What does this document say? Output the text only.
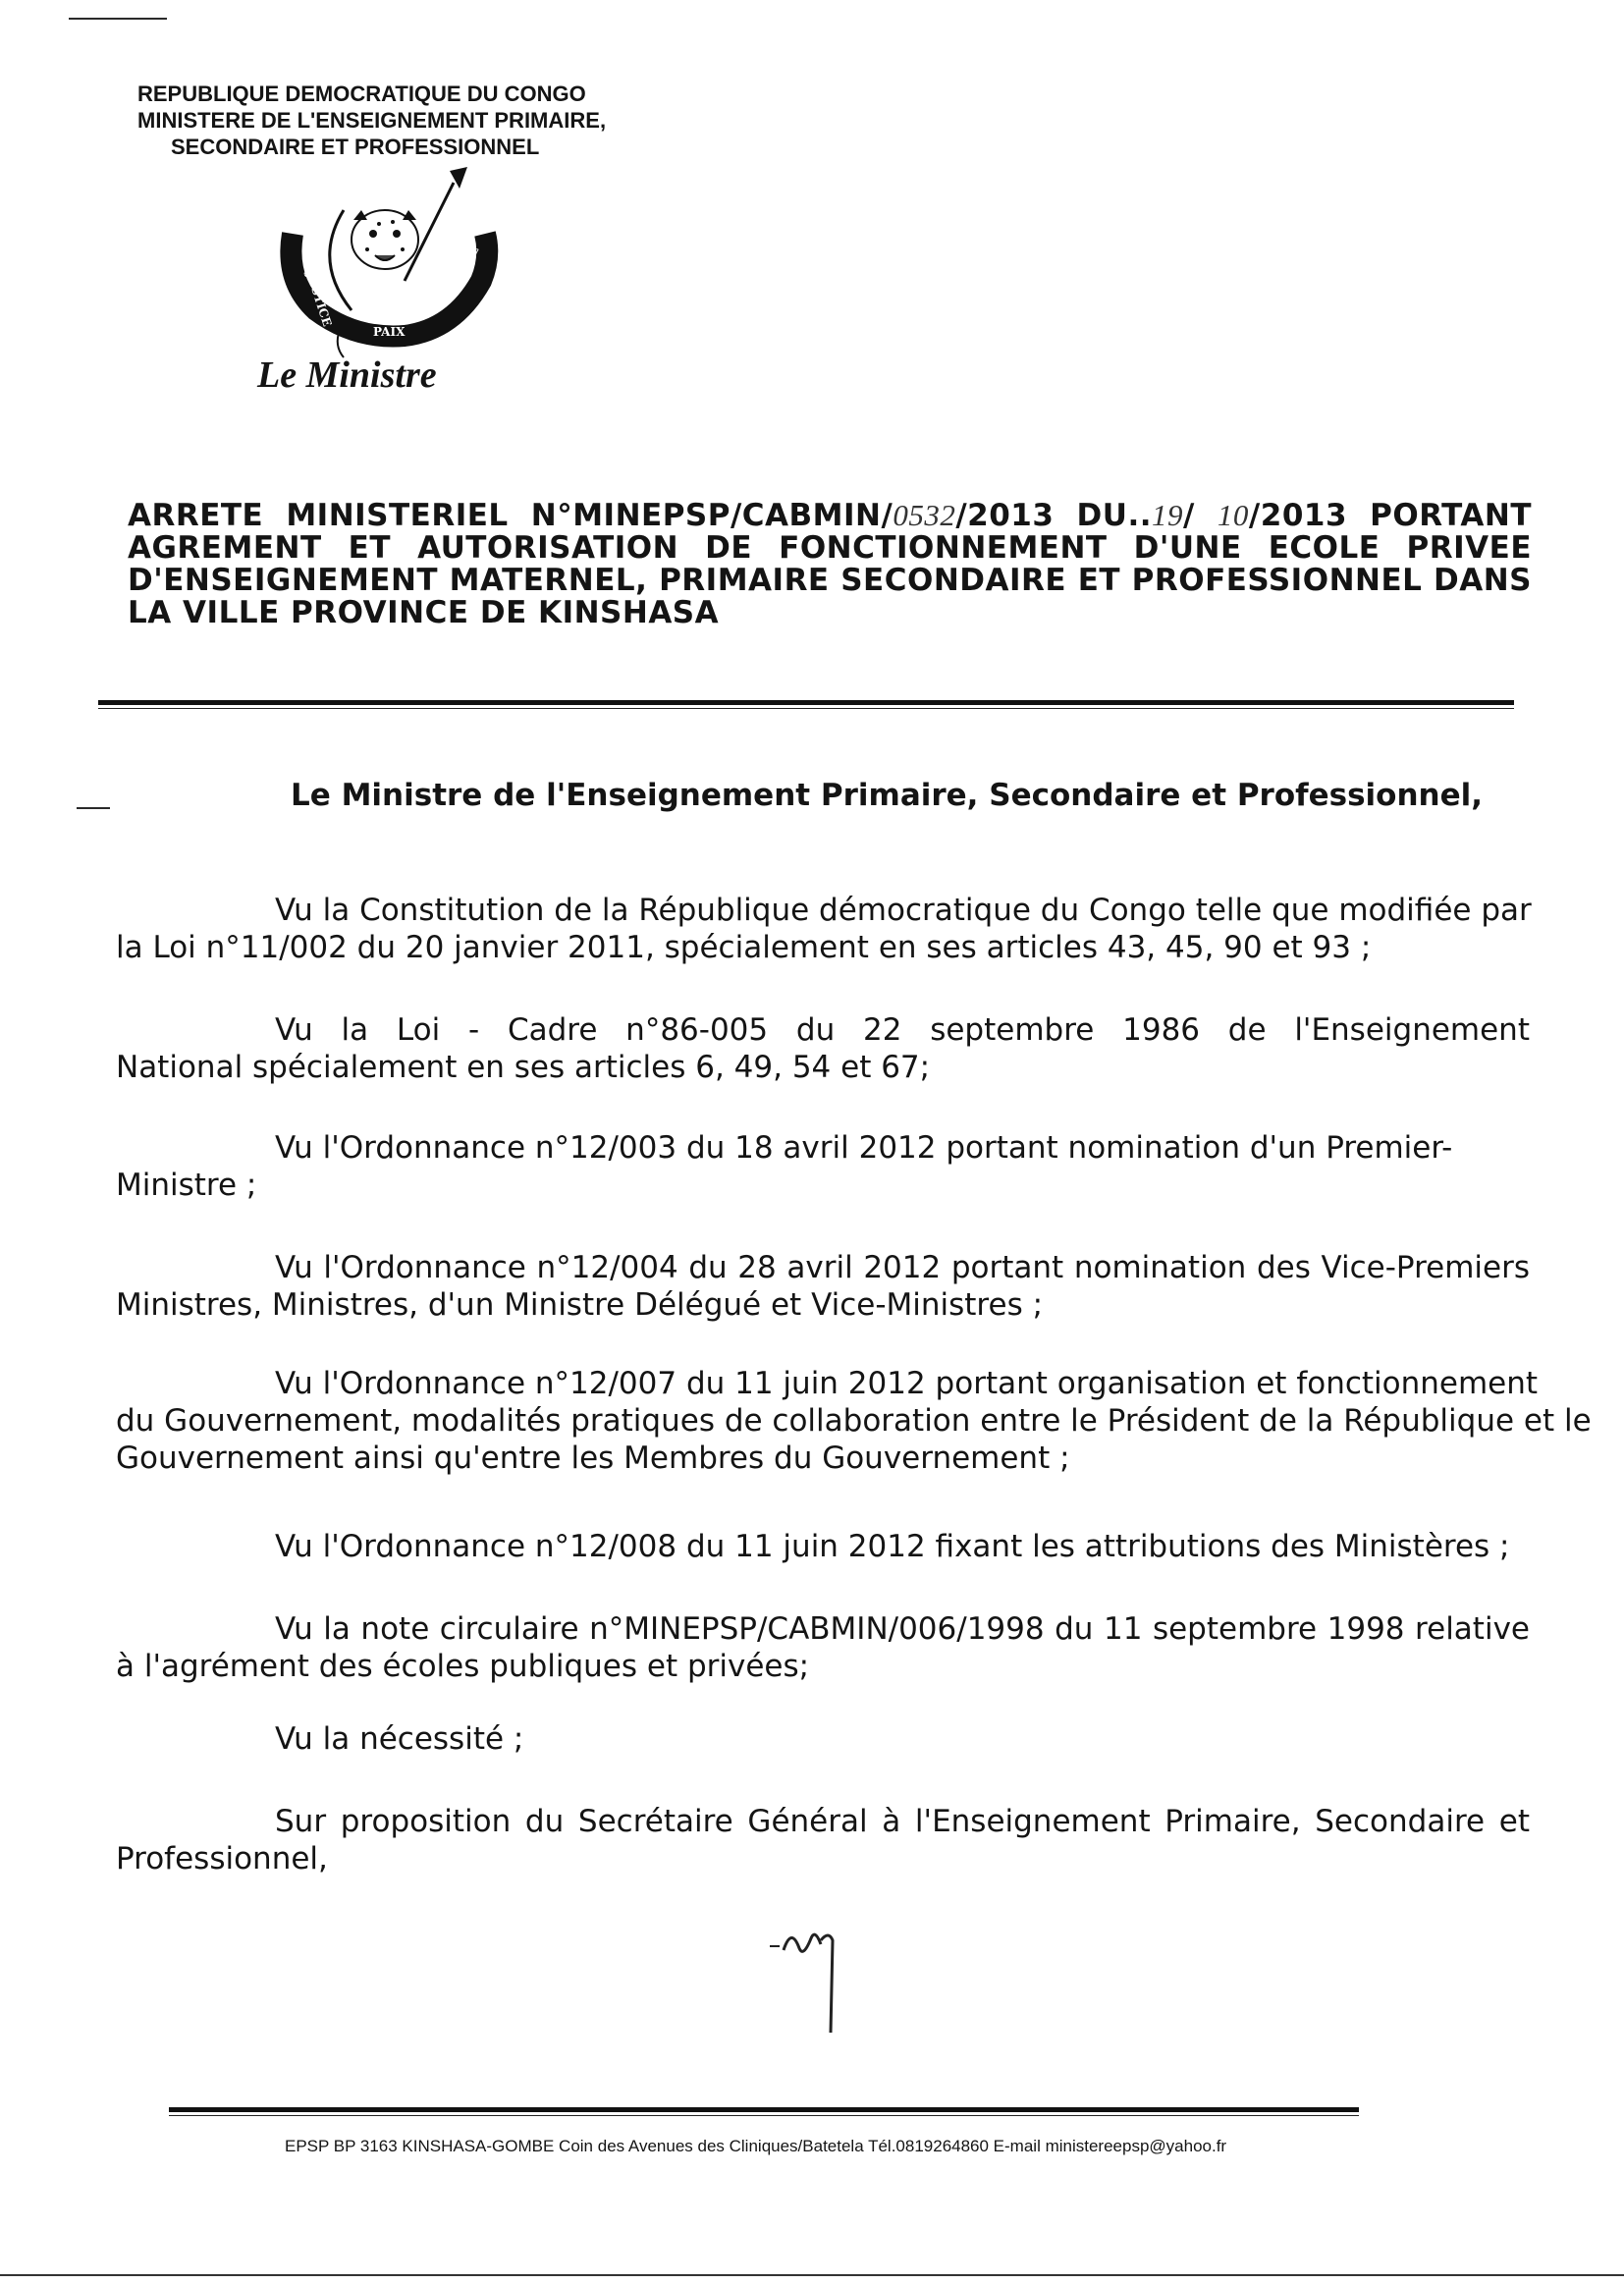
REPUBLIQUE DEMOCRATIQUE DU CONGO
MINISTERE DE L'ENSEIGNEMENT PRIMAIRE,
SECONDAIRE ET PROFESSIONNEL
JUSTICE
PAIX
TRAVAIL
Le Ministre
ARRETE MINISTERIEL N°MINEPSP/CABMIN/0532/2013 DU..19/ 10/2013 PORTANT
AGREMENT ET AUTORISATION DE FONCTIONNEMENT D'UNE ECOLE PRIVEE
D'ENSEIGNEMENT MATERNEL, PRIMAIRE SECONDAIRE ET PROFESSIONNEL DANS
LA VILLE PROVINCE DE KINSHASA
Le Ministre de l'Enseignement Primaire, Secondaire et Professionnel,
Vu la Constitution de la République démocratique du Congo telle que modifiée par
la Loi n°11/002 du 20 janvier 2011, spécialement en ses articles 43, 45, 90 et 93 ;
Vu la Loi - Cadre n°86-005 du 22 septembre 1986 de l'Enseignement
National spécialement en ses articles 6, 49, 54 et 67;
Vu l'Ordonnance n°12/003 du 18 avril 2012 portant nomination d'un Premier-
Ministre ;
Vu l'Ordonnance n°12/004 du 28 avril 2012 portant nomination des Vice-Premiers
Ministres, Ministres, d'un Ministre Délégué et Vice-Ministres ;
Vu l'Ordonnance n°12/007 du 11 juin 2012 portant organisation et fonctionnement
du Gouvernement, modalités pratiques de collaboration entre le Président de la République et le
Gouvernement ainsi qu'entre les Membres du Gouvernement ;
Vu l'Ordonnance n°12/008 du 11 juin 2012 fixant les attributions des Ministères ;
Vu la note circulaire n°MINEPSP/CABMIN/006/1998 du 11 septembre 1998 relative
à l'agrément des écoles publiques et privées;
Vu la nécessité ;
Sur proposition du Secrétaire Général à l'Enseignement Primaire, Secondaire et
Professionnel,
EPSP BP 3163 KINSHASA-GOMBE Coin des Avenues des Cliniques/Batetela Tél.0819264860 E-mail ministereepsp@yahoo.fr
